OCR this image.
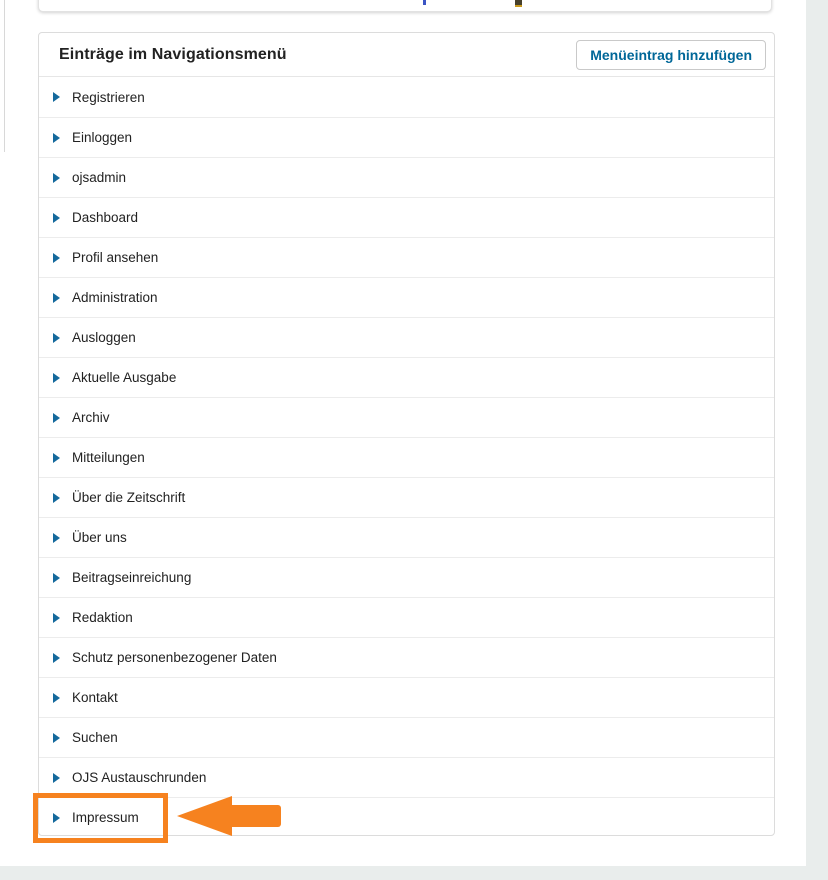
Einträge im Navigationsmenü	Menüeintrag hinzufügen
Registrieren
Einloggen
ojsadmin
Dashboard
Profil ansehen
Administration
Ausloggen
Aktuelle Ausgabe
Archiv
Mitteilungen
Über die Zeitschrift
Über uns
Beitragseinreichung
Redaktion
Schutz personenbezogener Daten
Kontakt
Suchen
OJS Austauschrunden
Impressum
